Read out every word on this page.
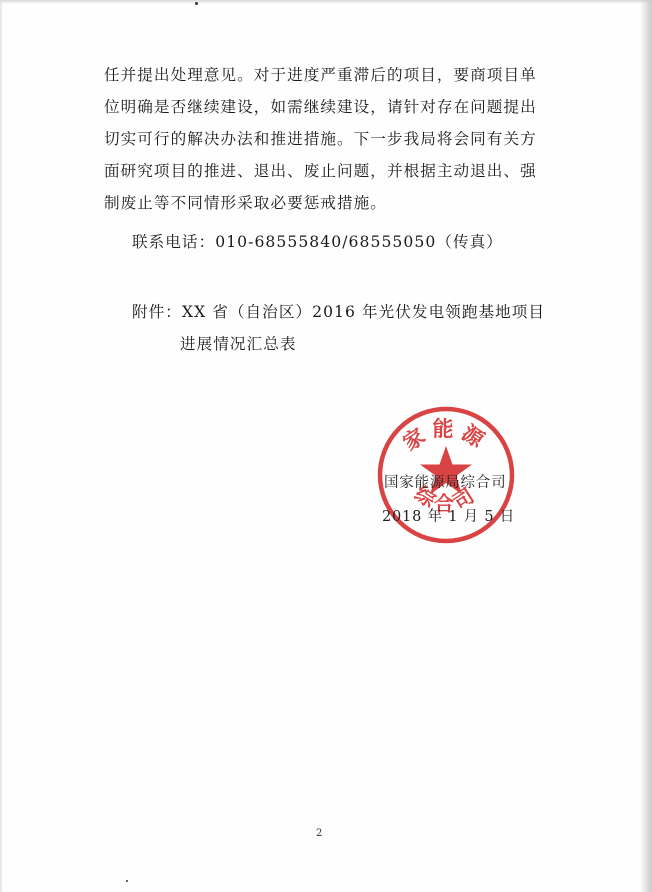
任并提出处理意见。对于进度严重滞后的项目，要商项目单
位明确是否继续建设，如需继续建设，请针对存在问题提出
切实可行的解决办法和推进措施。下一步我局将会同有关方
面研究项目的推进、退出、废止问题，并根据主动退出、强
制废止等不同情形采取必要惩戒措施。
联系电话：010-68555840/68555050（传真）
附件：XX 省（自治区）2016 年光伏发电领跑基地项目
进展情况汇总表
家能源
综合司
国家能源局综合司
2018 年 1 月 5 日
2
